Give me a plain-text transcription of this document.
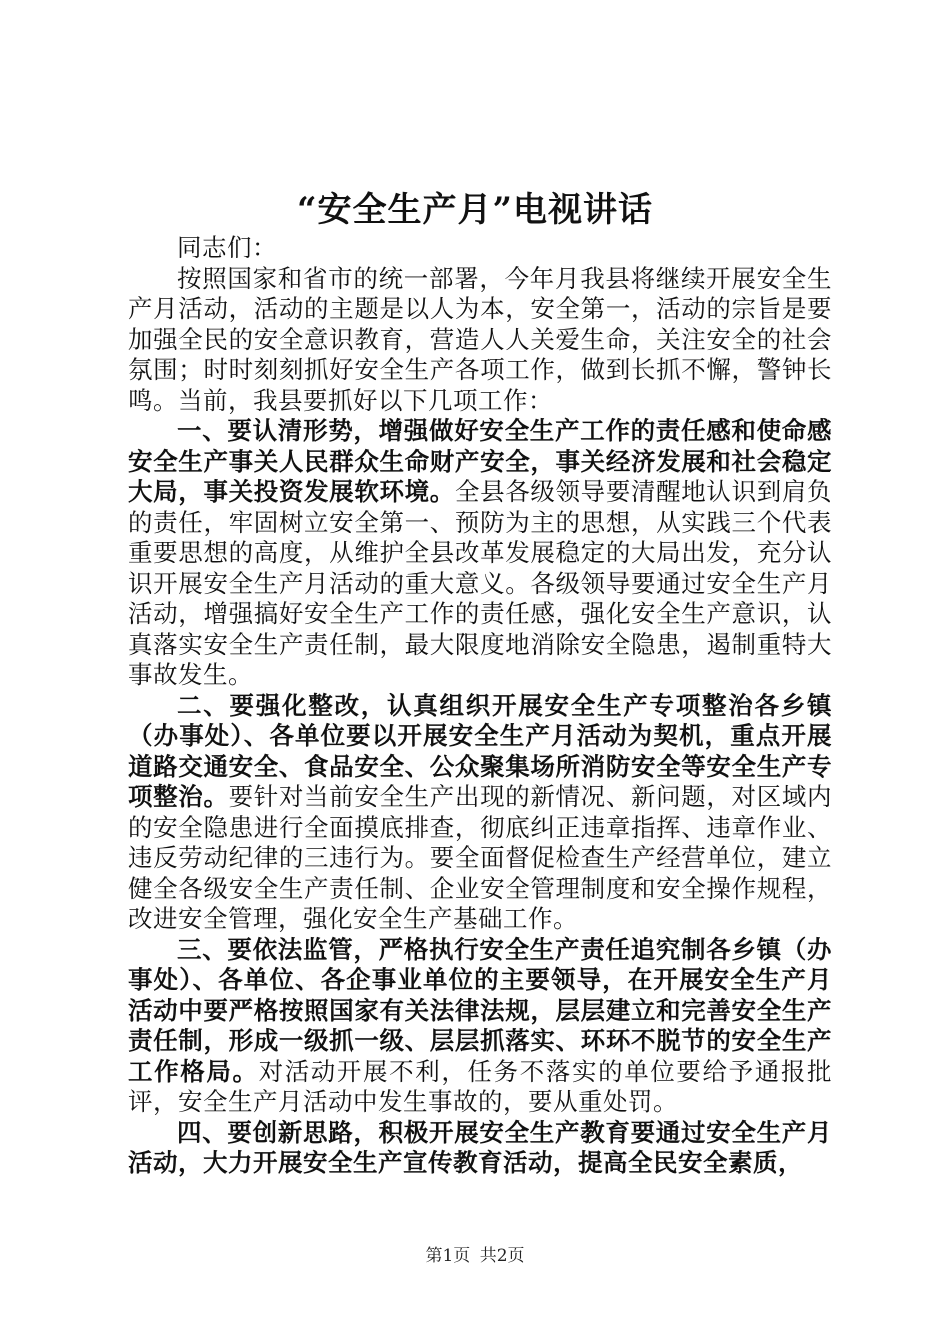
“安全生产月”电视讲话

同志们：

按照国家和省市的统一部署，今年月我县将继续开展安全生产月活动，活动的主题是以人为本，安全第一，活动的宗旨是要加强全民的安全意识教育，营造人人关爱生命，关注安全的社会氛围；时时刻刻抓好安全生产各项工作，做到长抓不懈，警钟长鸣。当前，我县要抓好以下几项工作：

一、要认清形势，增强做好安全生产工作的责任感和使命感安全生产事关人民群众生命财产安全，事关经济发展和社会稳定大局，事关投资发展软环境。全县各级领导要清醒地认识到肩负的责任，牢固树立安全第一、预防为主的思想，从实践三个代表重要思想的高度，从维护全县改革发展稳定的大局出发，充分认识开展安全生产月活动的重大意义。各级领导要通过安全生产月活动，增强搞好安全生产工作的责任感，强化安全生产意识，认真落实安全生产责任制，最大限度地消除安全隐患，遏制重特大事故发生。

二、要强化整改，认真组织开展安全生产专项整治各乡镇（办事处）、各单位要以开展安全生产月活动为契机，重点开展道路交通安全、食品安全、公众聚集场所消防安全等安全生产专项整治。要针对当前安全生产出现的新情况、新问题，对区域内的安全隐患进行全面摸底排查，彻底纠正违章指挥、违章作业、违反劳动纪律的三违行为。要全面督促检查生产经营单位，建立健全各级安全生产责任制、企业安全管理制度和安全操作规程，改进安全管理，强化安全生产基础工作。

三、要依法监管，严格执行安全生产责任追究制各乡镇（办事处）、各单位、各企事业单位的主要领导，在开展安全生产月活动中要严格按照国家有关法律法规，层层建立和完善安全生产责任制，形成一级抓一级、层层抓落实、环环不脱节的安全生产工作格局。对活动开展不利，任务不落实的单位要给予通报批评，安全生产月活动中发生事故的，要从重处罚。

四、要创新思路，积极开展安全生产教育要通过安全生产月活动，大力开展安全生产宣传教育活动，提高全民安全素质，

第1页 共2页
